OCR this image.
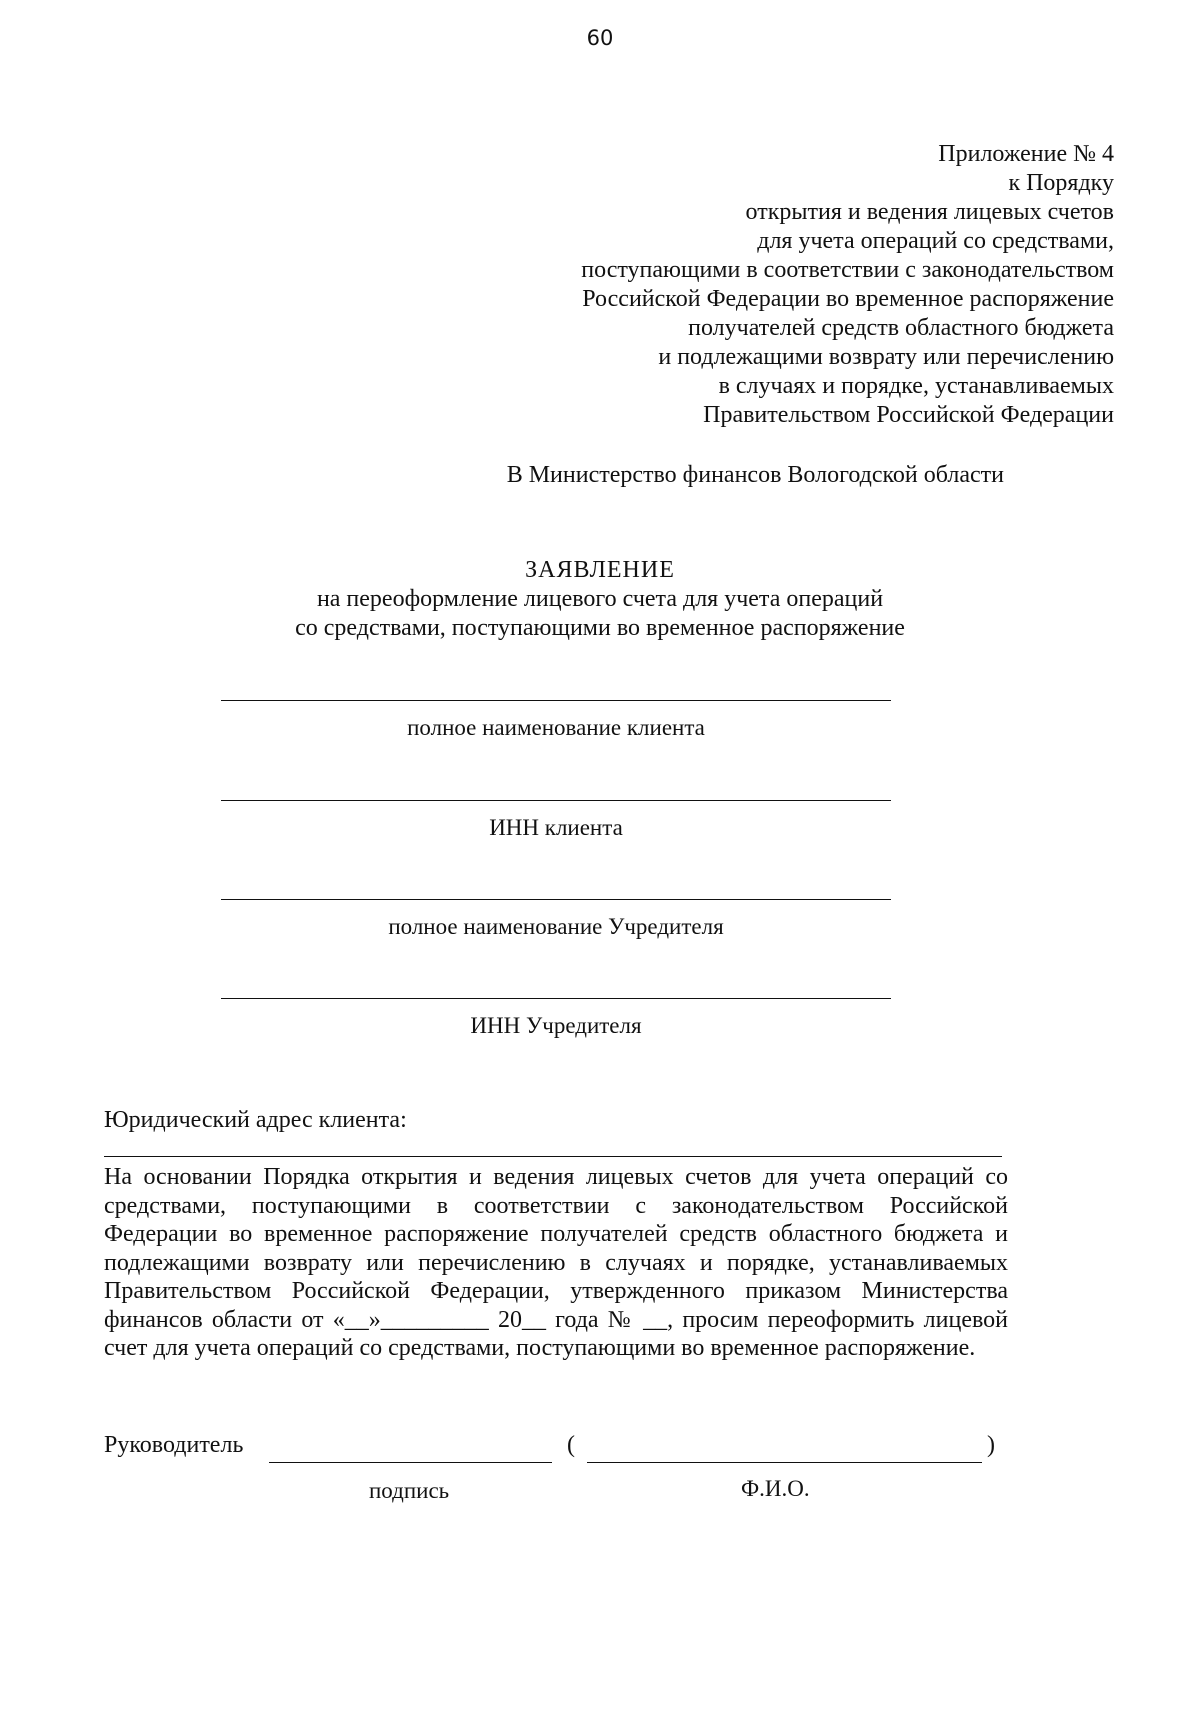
60
Приложение № 4
к Порядку
открытия и ведения лицевых счетов
для учета операций со средствами,
поступающими в соответствии с законодательством
Российской Федерации во временное распоряжение
получателей средств областного бюджета
и подлежащими возврату или перечислению
в случаях и порядке, устанавливаемых
Правительством Российской Федерации
В Министерство финансов Вологодской области
ЗАЯВЛЕНИЕ
на переоформление лицевого счета для учета операций
со средствами, поступающими во временное распоряжение
полное наименование клиента
ИНН клиента
полное наименование Учредителя
ИНН Учредителя
Юридический адрес клиента:
На основании Порядка открытия и ведения лицевых счетов для учета операций со
средствами, поступающими в соответствии с законодательством Российской
Федерации во временное распоряжение получателей средств областного бюджета и
подлежащими возврату или перечислению в случаях и порядке, устанавливаемых
Правительством Российской Федерации, утвержденного приказом Министерства
финансов области от «__»_________ 20__ года № __, просим переоформить лицевой
счет для учета операций со средствами, поступающими во временное распоряжение.
Руководитель	(	)
подпись	Ф.И.О.
